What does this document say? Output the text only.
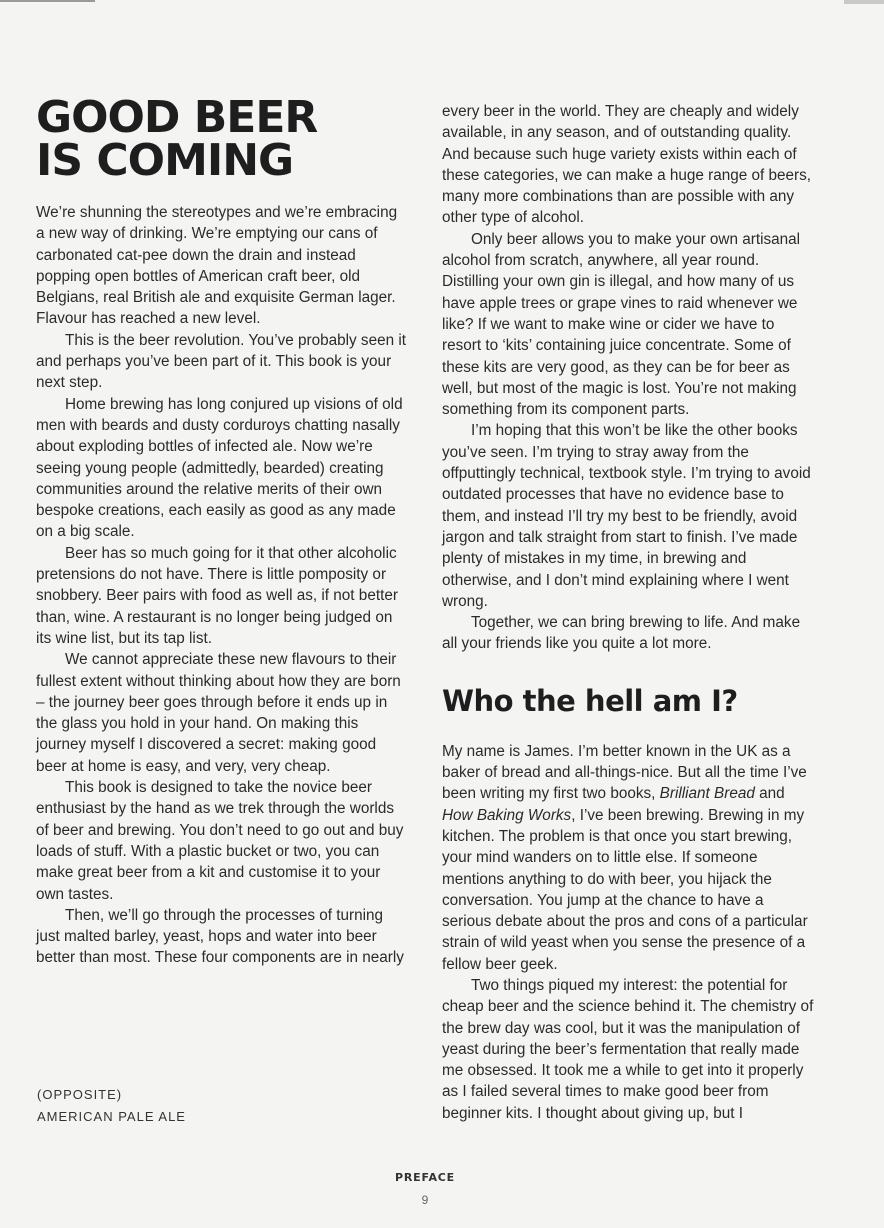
GOOD BEER
IS COMING

We’re shunning the stereotypes and we’re embracing a new way of drinking. We’re emptying our cans of carbonated cat-pee down the drain and instead popping open bottles of American craft beer, old Belgians, real British ale and exquisite German lager. Flavour has reached a new level.

This is the beer revolution. You’ve probably seen it and perhaps you’ve been part of it. This book is your next step.

Home brewing has long conjured up visions of old men with beards and dusty corduroys chatting nasally about exploding bottles of infected ale. Now we’re seeing young people (admittedly, bearded) creating communities around the relative merits of their own bespoke creations, each easily as good as any made on a big scale.

Beer has so much going for it that other alcoholic pretensions do not have. There is little pomposity or snobbery. Beer pairs with food as well as, if not better than, wine. A restaurant is no longer being judged on its wine list, but its tap list.

We cannot appreciate these new flavours to their fullest extent without thinking about how they are born – the journey beer goes through before it ends up in the glass you hold in your hand. On making this journey myself I discovered a secret: making good beer at home is easy, and very, very cheap.

This book is designed to take the novice beer enthusiast by the hand as we trek through the worlds of beer and brewing. You don’t need to go out and buy loads of stuff. With a plastic bucket or two, you can make great beer from a kit and customise it to your own tastes.

Then, we’ll go through the processes of turning just malted barley, yeast, hops and water into beer better than most. These four components are in nearly

every beer in the world. They are cheaply and widely available, in any season, and of outstanding quality. And because such huge variety exists within each of these categories, we can make a huge range of beers, many more combinations than are possible with any other type of alcohol.

Only beer allows you to make your own artisanal alcohol from scratch, anywhere, all year round. Distilling your own gin is illegal, and how many of us have apple trees or grape vines to raid whenever we like? If we want to make wine or cider we have to resort to ‘kits’ containing juice concentrate. Some of these kits are very good, as they can be for beer as well, but most of the magic is lost. You’re not making something from its component parts.

I’m hoping that this won’t be like the other books you’ve seen. I’m trying to stray away from the offputtingly technical, textbook style. I’m trying to avoid outdated processes that have no evidence base to them, and instead I’ll try my best to be friendly, avoid jargon and talk straight from start to finish. I’ve made plenty of mistakes in my time, in brewing and otherwise, and I don’t mind explaining where I went wrong.

Together, we can bring brewing to life. And make all your friends like you quite a lot more.

Who the hell am I?

My name is James. I’m better known in the UK as a baker of bread and all-things-nice. But all the time I’ve been writing my first two books, Brilliant Bread and How Baking Works, I’ve been brewing. Brewing in my kitchen. The problem is that once you start brewing, your mind wanders on to little else. If someone mentions anything to do with beer, you hijack the conversation. You jump at the chance to have a serious debate about the pros and cons of a particular strain of wild yeast when you sense the presence of a fellow beer geek.

Two things piqued my interest: the potential for cheap beer and the science behind it. The chemistry of the brew day was cool, but it was the manipulation of yeast during the beer’s fermentation that really made me obsessed. It took me a while to get into it properly as I failed several times to make good beer from beginner kits. I thought about giving up, but I

(OPPOSITE)
AMERICAN PALE ALE
PREFACE
9
